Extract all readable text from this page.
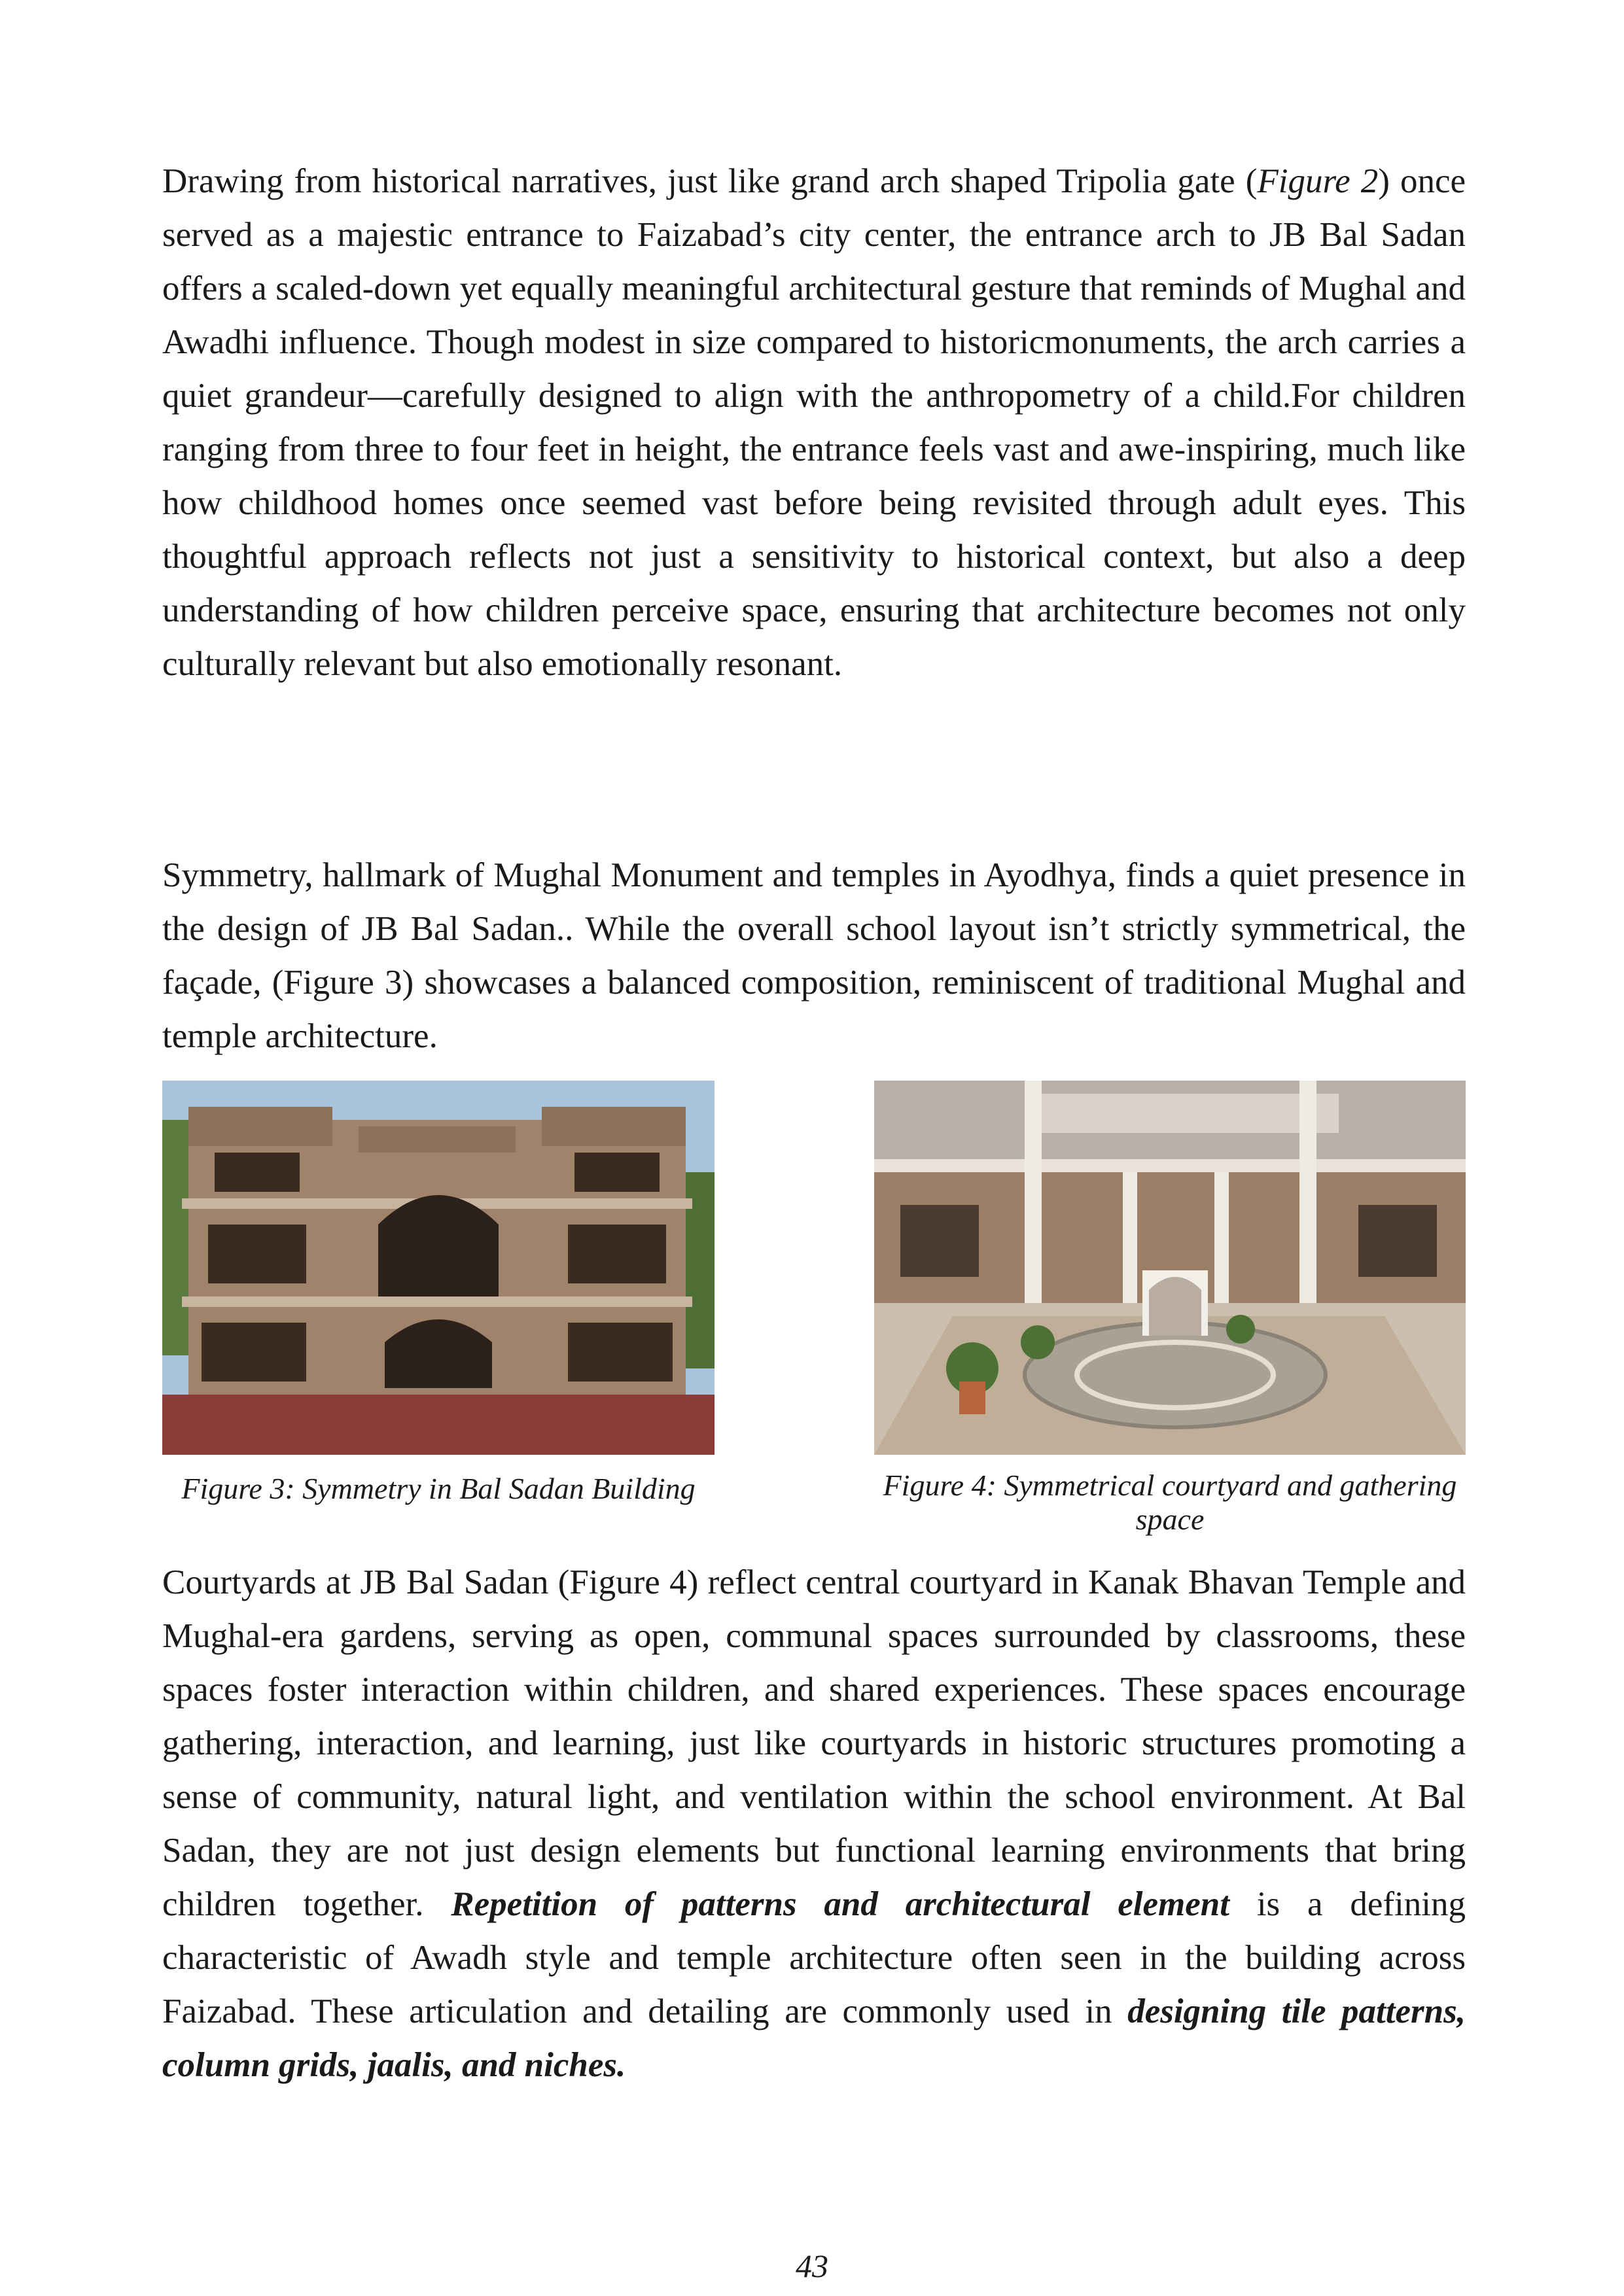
Drawing from historical narratives, just like grand arch shaped Tripolia gate (Figure 2) once served as a majestic entrance to Faizabad’s city center, the entrance arch to JB Bal Sadan offers a scaled-down yet equally meaningful architectural gesture that reminds of Mughal and Awadhi influence. Though modest in size compared to historicmonuments, the arch carries a quiet grandeur—carefully designed to align with the anthropometry of a child.For children ranging from three to four feet in height, the entrance feels vast and awe-inspiring, much like how childhood homes once seemed vast before being revisited through adult eyes. This thoughtful approach reflects not just a sensitivity to historical context, but also a deep understanding of how children perceive space, ensuring that architecture becomes not only culturally relevant but also emotionally resonant.

Symmetry, hallmark of Mughal Monument and temples in Ayodhya, finds a quiet presence in the design of JB Bal Sadan.. While the overall school layout isn’t strictly symmetrical, the façade, (Figure 3) showcases a balanced composition, reminiscent of traditional Mughal and temple architecture.

Figure 3: Symmetry in Bal Sadan Building	Figure 4: Symmetrical courtyard and gathering space

Courtyards at JB Bal Sadan (Figure 4) reflect central courtyard in Kanak Bhavan Temple and Mughal-era gardens, serving as open, communal spaces surrounded by classrooms, these spaces foster interaction within children, and shared experiences. These spaces encourage gathering, interaction, and learning, just like courtyards in historic structures promoting a sense of community, natural light, and ventilation within the school environment. At Bal Sadan, they are not just design elements but functional learning environments that bring children together. Repetition of patterns and architectural element is a defining characteristic of Awadh style and temple architecture often seen in the building across Faizabad. These articulation and detailing are commonly used in designing tile patterns, column grids, jaalis, and niches.

43
